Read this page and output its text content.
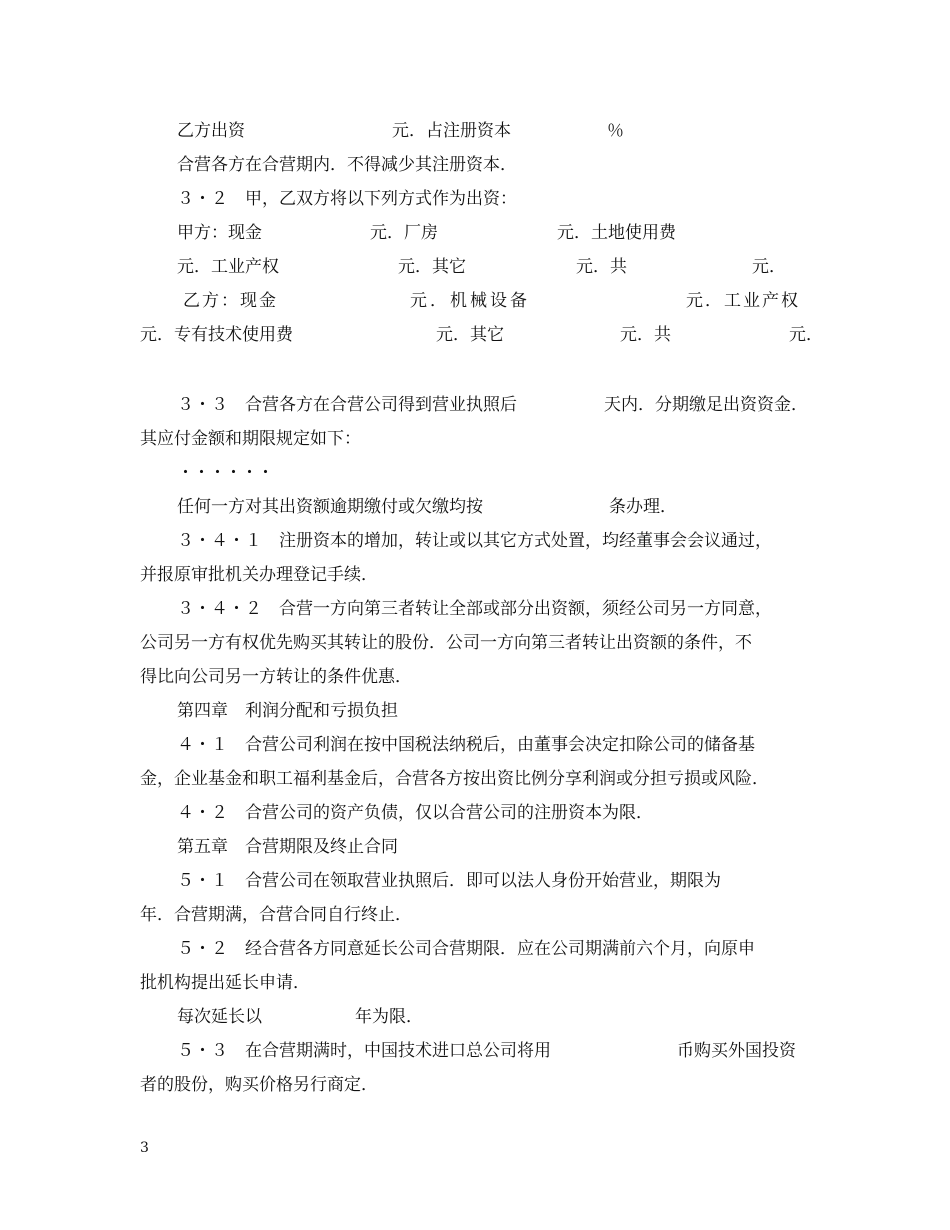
乙方出资	元．占注册资本	％
合营各方在合营期内．不得减少其注册资本．
３・２　甲，乙双方将以下列方式作为出资：
甲方：现金	元．厂房	元．土地使用费
元．工业产权	元．其它	元．共	元．
乙方：现金	元．机械设备	元．工业产权
元．专有技术使用费	元．其它	元．共	元．
３・３　合营各方在合营公司得到营业执照后	天内．分期缴足出资资金．
其应付金额和期限规定如下：
・・・・・・
任何一方对其出资额逾期缴付或欠缴均按	条办理．
３・４・１　注册资本的增加，转让或以其它方式处置，均经董事会会议通过，
并报原审批机关办理登记手续．
３・４・２　合营一方向第三者转让全部或部分出资额，须经公司另一方同意，
公司另一方有权优先购买其转让的股份．公司一方向第三者转让出资额的条件，不
得比向公司另一方转让的条件优惠．
第四章　利润分配和亏损负担
４・１　合营公司利润在按中国税法纳税后，由董事会决定扣除公司的储备基
金，企业基金和职工福利基金后，合营各方按出资比例分享利润或分担亏损或风险．
４・２　合营公司的资产负债，仅以合营公司的注册资本为限．
第五章　合营期限及终止合同
５・１　合营公司在领取营业执照后．即可以法人身份开始营业，期限为
年．合营期满，合营合同自行终止．
５・２　经合营各方同意延长公司合营期限．应在公司期满前六个月，向原申
批机构提出延长申请．
每次延长以	年为限．
５・３　在合营期满时，中国技术进口总公司将用	币购买外国投资
者的股份，购买价格另行商定．
3
